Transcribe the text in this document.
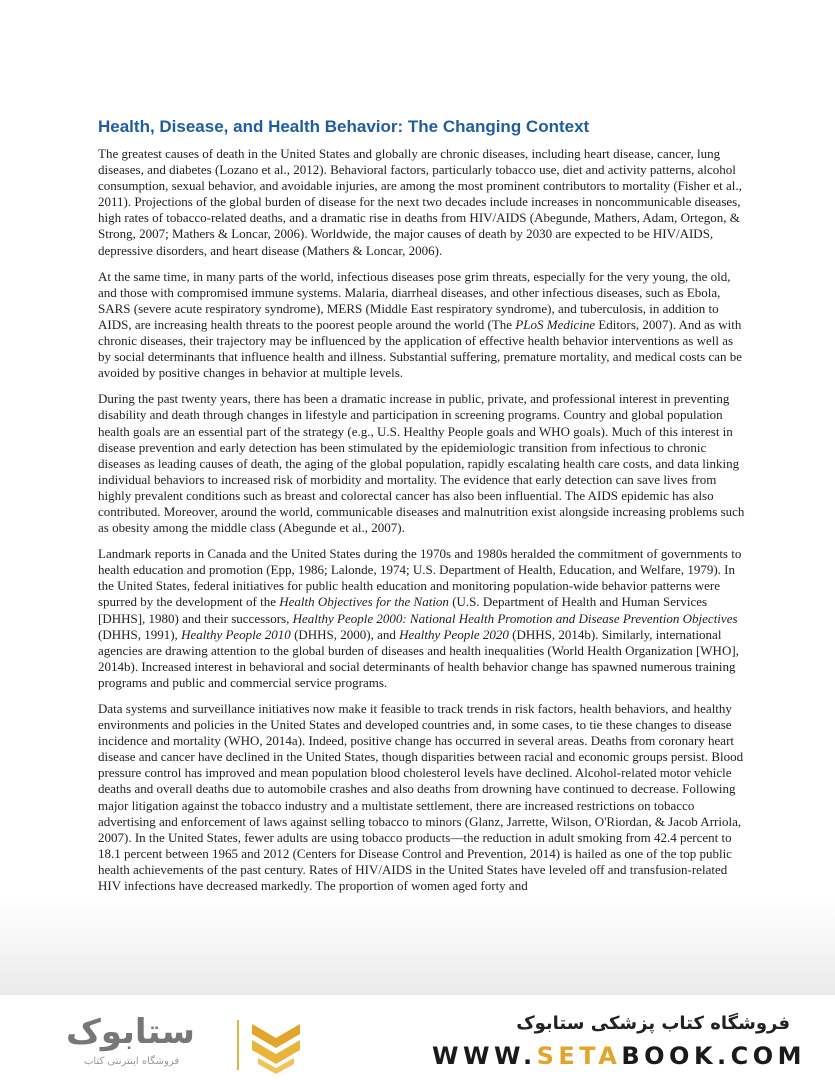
Health, Disease, and Health Behavior: The Changing Context

The greatest causes of death in the United States and globally are chronic diseases, including heart disease, cancer, lung diseases, and diabetes (Lozano et al., 2012). Behavioral factors, particularly tobacco use, diet and activity patterns, alcohol consumption, sexual behavior, and avoidable injuries, are among the most prominent contributors to mortality (Fisher et al., 2011). Projections of the global burden of disease for the next two decades include increases in noncommunicable diseases, high rates of tobacco-related deaths, and a dramatic rise in deaths from HIV/AIDS (Abegunde, Mathers, Adam, Ortegon, & Strong, 2007; Mathers & Loncar, 2006). Worldwide, the major causes of death by 2030 are expected to be HIV/AIDS, depressive disorders, and heart disease (Mathers & Loncar, 2006).

At the same time, in many parts of the world, infectious diseases pose grim threats, especially for the very young, the old, and those with compromised immune systems. Malaria, diarrheal diseases, and other infectious diseases, such as Ebola, SARS (severe acute respiratory syndrome), MERS (Middle East respiratory syndrome), and tuberculosis, in addition to AIDS, are increasing health threats to the poorest people around the world (The PLoS Medicine Editors, 2007). And as with chronic diseases, their trajectory may be influenced by the application of effective health behavior interventions as well as by social determinants that influence health and illness. Substantial suffering, premature mortality, and medical costs can be avoided by positive changes in behavior at multiple levels.

During the past twenty years, there has been a dramatic increase in public, private, and professional interest in preventing disability and death through changes in lifestyle and participation in screening programs. Country and global population health goals are an essential part of the strategy (e.g., U.S. Healthy People goals and WHO goals). Much of this interest in disease prevention and early detection has been stimulated by the epidemiologic transition from infectious to chronic diseases as leading causes of death, the aging of the global population, rapidly escalating health care costs, and data linking individual behaviors to increased risk of morbidity and mortality. The evidence that early detection can save lives from highly prevalent conditions such as breast and colorectal cancer has also been influential. The AIDS epidemic has also contributed. Moreover, around the world, communicable diseases and malnutrition exist alongside increasing problems such as obesity among the middle class (Abegunde et al., 2007).

Landmark reports in Canada and the United States during the 1970s and 1980s heralded the commitment of governments to health education and promotion (Epp, 1986; Lalonde, 1974; U.S. Department of Health, Education, and Welfare, 1979). In the United States, federal initiatives for public health education and monitoring population-wide behavior patterns were spurred by the development of the Health Objectives for the Nation (U.S. Department of Health and Human Services [DHHS], 1980) and their successors, Healthy People 2000: National Health Promotion and Disease Prevention Objectives (DHHS, 1991), Healthy People 2010 (DHHS, 2000), and Healthy People 2020 (DHHS, 2014b). Similarly, international agencies are drawing attention to the global burden of diseases and health inequalities (World Health Organization [WHO], 2014b). Increased interest in behavioral and social determinants of health behavior change has spawned numerous training programs and public and commercial service programs.

Data systems and surveillance initiatives now make it feasible to track trends in risk factors, health behaviors, and healthy environments and policies in the United States and developed countries and, in some cases, to tie these changes to disease incidence and mortality (WHO, 2014a). Indeed, positive change has occurred in several areas. Deaths from coronary heart disease and cancer have declined in the United States, though disparities between racial and economic groups persist. Blood pressure control has improved and mean population blood cholesterol levels have declined. Alcohol-related motor vehicle deaths and overall deaths due to automobile crashes and also deaths from drowning have continued to decrease. Following major litigation against the tobacco industry and a multistate settlement, there are increased restrictions on tobacco advertising and enforcement of laws against selling tobacco to minors (Glanz, Jarrette, Wilson, O'Riordan, & Jacob Arriola, 2007). In the United States, fewer adults are using tobacco products—the reduction in adult smoking from 42.4 percent to 18.1 percent between 1965 and 2012 (Centers for Disease Control and Prevention, 2014) is hailed as one of the top public health achievements of the past century. Rates of HIV/AIDS in the United States have leveled off and transfusion-related HIV infections have decreased markedly. The proportion of women aged forty and

ستابوک
فروشگاه اینترنتی کتاب
فروشگاه کتاب پزشکی ستابوک
WWW.SETABOOK.COM
